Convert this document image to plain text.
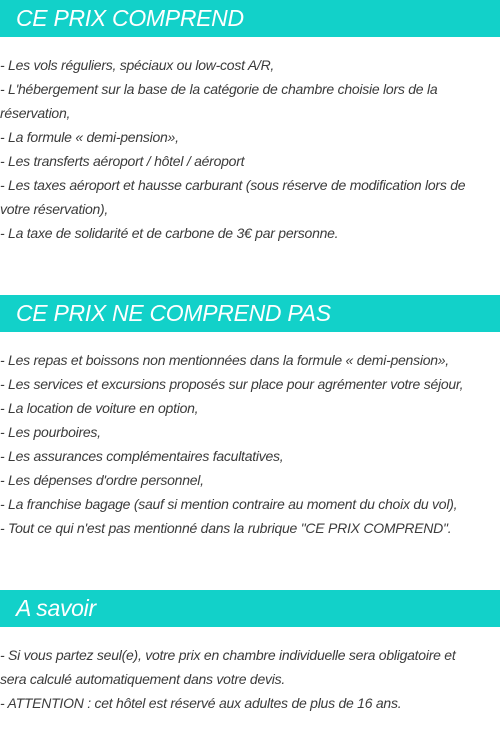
CE PRIX COMPREND
- Les vols réguliers, spéciaux ou low-cost A/R,
- L'hébergement sur la base de la catégorie de chambre choisie lors de la
réservation,
- La formule « demi-pension»,
- Les transferts aéroport / hôtel / aéroport
- Les taxes aéroport et hausse carburant (sous réserve de modification lors de
votre réservation),
- La taxe de solidarité et de carbone de 3€ par personne.
CE PRIX NE COMPREND PAS
- Les repas et boissons non mentionnées dans la formule « demi-pension»,
- Les services et excursions proposés sur place pour agrémenter votre séjour,
- La location de voiture en option,
- Les pourboires,
- Les assurances complémentaires facultatives,
- Les dépenses d'ordre personnel,
- La franchise bagage (sauf si mention contraire au moment du choix du vol),
- Tout ce qui n'est pas mentionné dans la rubrique "CE PRIX COMPREND".
A savoir
- Si vous partez seul(e), votre prix en chambre individuelle sera obligatoire et
sera calculé automatiquement dans votre devis.
- ATTENTION : cet hôtel est réservé aux adultes de plus de 16 ans.
